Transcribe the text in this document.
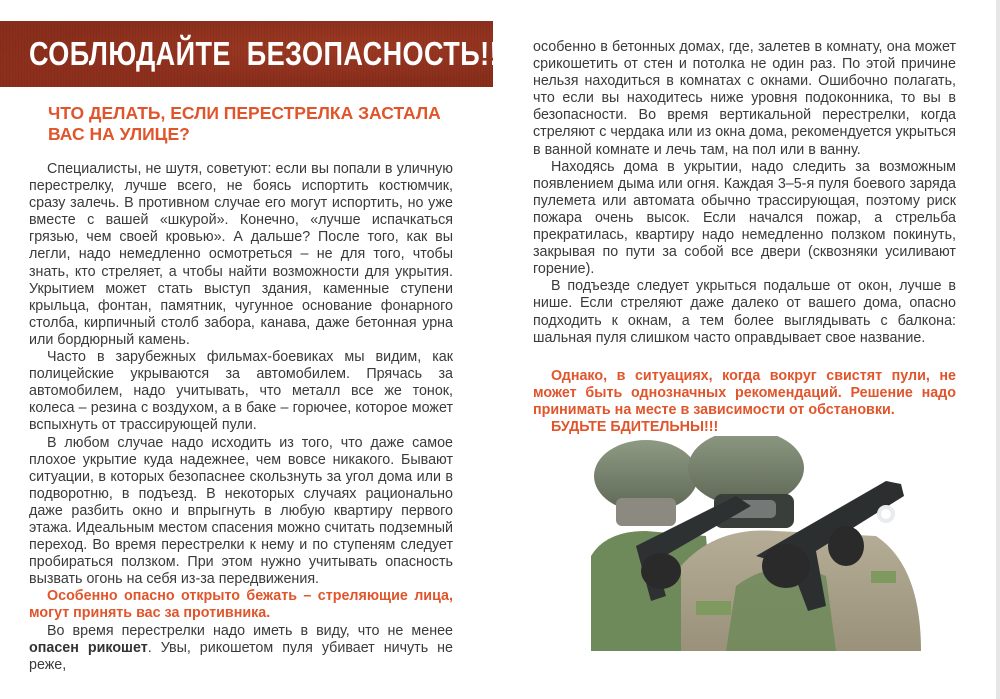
СОБЛЮДАЙТЕ  БЕЗОПАСНОСТЬ!!!
ЧТО ДЕЛАТЬ, ЕСЛИ ПЕРЕСТРЕЛКА ЗАСТАЛА ВАС НА УЛИЦЕ?

Специалисты, не шутя, советуют: если вы попали в уличную перестрелку, лучше всего, не боясь испортить костюмчик, сразу залечь. В противном случае его могут испортить, но уже вместе с вашей «шкурой». Конечно, «лучше испачкаться грязью, чем своей кровью». А дальше? После того, как вы легли, надо немедленно осмотреться – не для того, чтобы знать, кто стреляет, а чтобы найти возможности для укрытия. Укрытием может стать выступ здания, каменные ступени крыльца, фонтан, памятник, чугунное основание фонарного столба, кирпичный столб забора, канава, даже бетонная урна или бордюрный камень.

Часто в зарубежных фильмах-боевиках мы видим, как полицейские укрываются за автомобилем. Прячась за автомобилем, надо учитывать, что металл все же тонок, колеса – резина с воздухом, а в баке – горючее, которое может вспыхнуть от трассирующей пули.

В любом случае надо исходить из того, что даже самое плохое укрытие куда надежнее, чем вовсе никакого. Бывают ситуации, в которых безопаснее скользнуть за угол дома или в подворотню, в подъезд. В некоторых случаях рационально даже разбить окно и впрыгнуть в любую квартиру первого этажа. Идеальным местом спасения можно считать подземный переход. Во время перестрелки к нему и по ступеням следует пробираться ползком. При этом нужно учитывать опасность вызвать огонь на себя из-за передвижения.

Особенно опасно открыто бежать – стреляющие лица, могут принять вас за противника.

Во время перестрелки надо иметь в виду, что не менее опасен рикошет. Увы, рикошетом пуля убивает ничуть не реже,

особенно в бетонных домах, где, залетев в комнату, она может срикошетить от стен и потолка не один раз. По этой причине нельзя находиться в комнатах с окнами. Ошибочно полагать, что если вы находитесь ниже уровня подоконника, то вы в безопасности. Во время вертикальной перестрелки, когда стреляют с чердака или из окна дома, рекомендуется укрыться в ванной комнате и лечь там, на пол или в ванну.

Находясь дома в укрытии, надо следить за возможным появлением дыма или огня. Каждая 3–5-я пуля боевого заряда пулемета или автомата обычно трассирующая, поэтому риск пожара очень высок. Если начался пожар, а стрельба прекратилась, квартиру надо немедленно ползком покинуть, закрывая по пути за собой все двери (сквозняки усиливают горение).

В подъезде следует укрыться подальше от окон, лучше в нише. Если стреляют даже далеко от вашего дома, опасно подходить к окнам, а тем более выглядывать с балкона: шальная пуля слишком часто оправдывает свое название.

Однако, в ситуациях, когда вокруг свистят пули, не может быть однозначных рекомендаций. Решение надо принимать на месте в зависимости от обстановки.

БУДЬТЕ БДИТЕЛЬНЫ!!!
